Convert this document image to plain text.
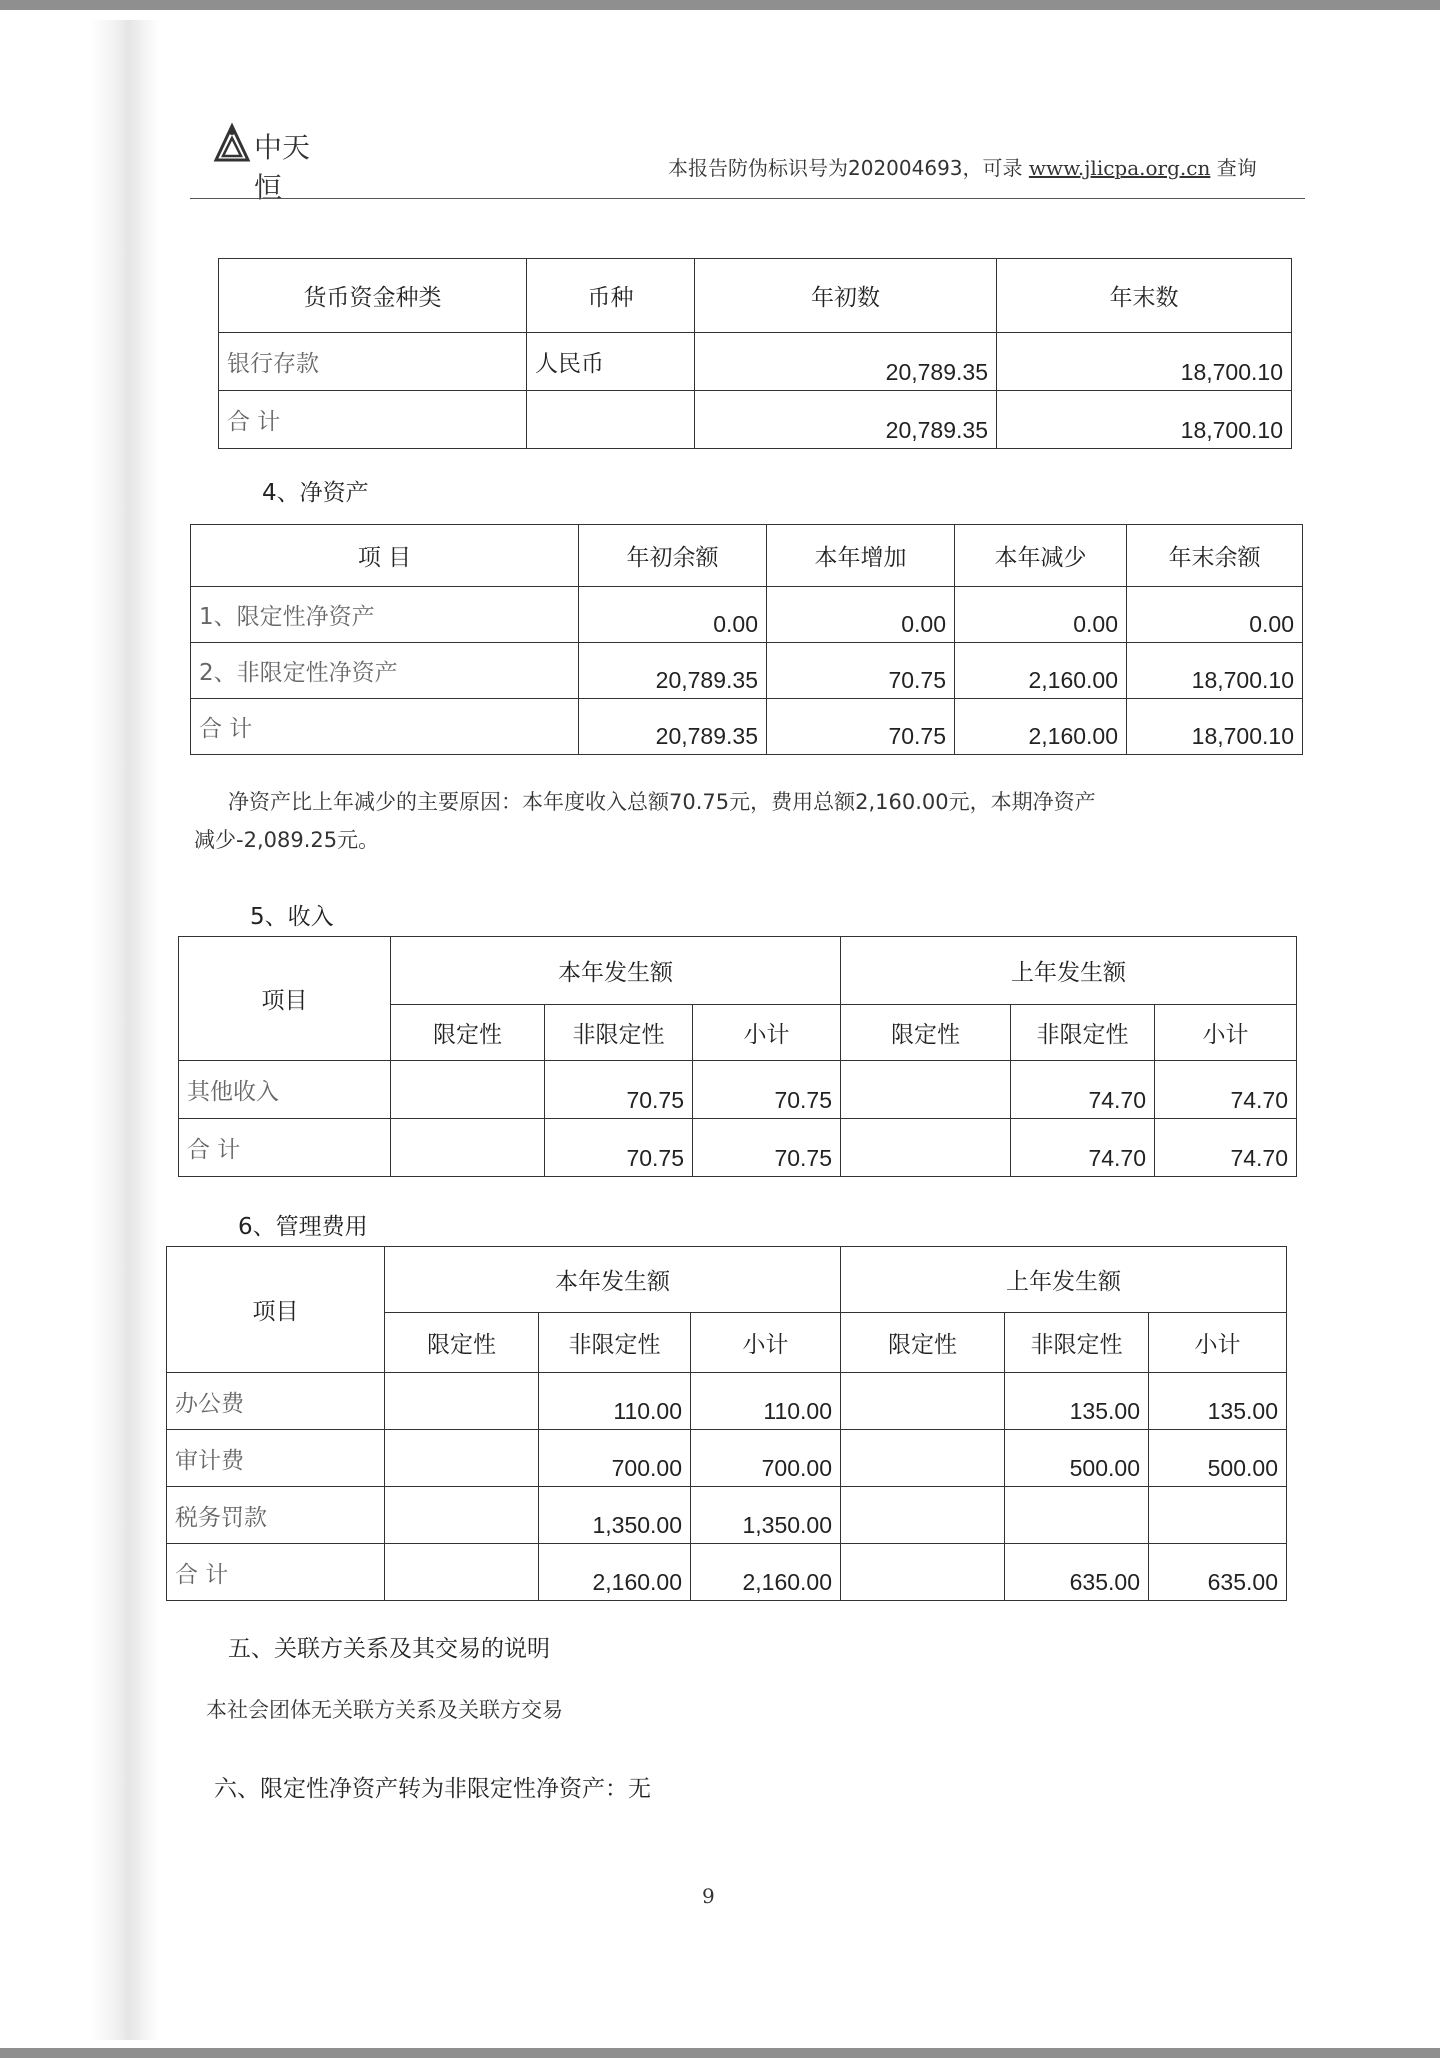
中天恒
本报告防伪标识号为202004693，可录 www.jlicpa.org.cn 查询
货币资金种类	币种	年初数	年末数
银行存款	人民币	20,789.35	18,700.10
合 计		20,789.35	18,700.10
4、净资产
项 目	年初余额	本年增加	本年减少	年末余额
1、限定性净资产	0.00	0.00	0.00	0.00
2、非限定性净资产	20,789.35	70.75	2,160.00	18,700.10
合 计	20,789.35	70.75	2,160.00	18,700.10
净资产比上年减少的主要原因：本年度收入总额70.75元，费用总额2,160.00元，本期净资产
减少-2,089.25元。
5、收入
项目	本年发生额			上年发生额		
	限定性	非限定性	小计	限定性	非限定性	小计
其他收入		70.75	70.75		74.70	74.70
合 计		70.75	70.75		74.70	74.70
6、管理费用
项目	本年发生额			上年发生额		
	限定性	非限定性	小计	限定性	非限定性	小计
办公费		110.00	110.00		135.00	135.00
审计费		700.00	700.00		500.00	500.00
税务罚款		1,350.00	1,350.00			
合 计		2,160.00	2,160.00		635.00	635.00
五、关联方关系及其交易的说明
本社会团体无关联方关系及关联方交易
六、限定性净资产转为非限定性净资产：无
9
